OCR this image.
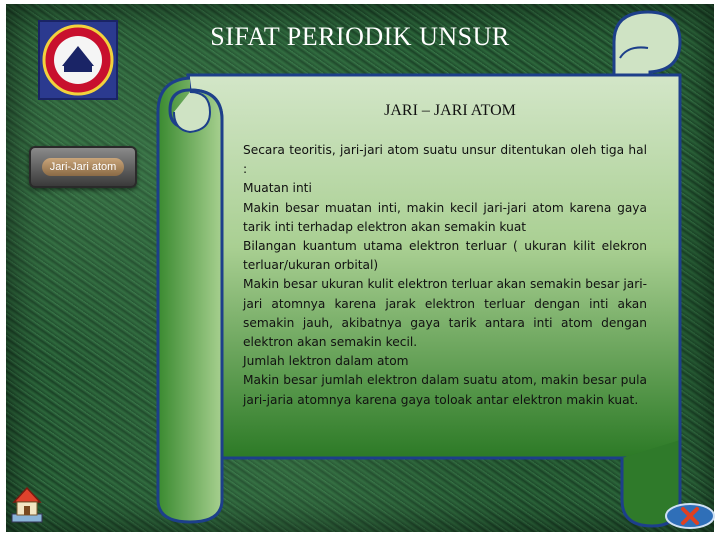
SIFAT PERIODIK UNSUR
Jari-Jari atom
JARI – JARI ATOM

Secara teoritis, jari-jari atom suatu unsur ditentukan oleh tiga hal :

Muatan inti

Makin besar muatan inti, makin kecil jari-jari atom karena gaya tarik inti terhadap elektron akan semakin kuat

Bilangan kuantum utama elektron terluar ( ukuran kilit elekron terluar/ukuran orbital)

Makin besar ukuran kulit elektron terluar akan semakin besar jari-jari atomnya karena jarak elektron terluar dengan inti akan semakin jauh, akibatnya gaya tarik antara inti atom dengan elektron akan semakin kecil.

Jumlah lektron dalam atom

Makin besar jumlah elektron dalam suatu atom, makin besar pula jari-jaria atomnya karena gaya toloak antar elektron makin kuat.
